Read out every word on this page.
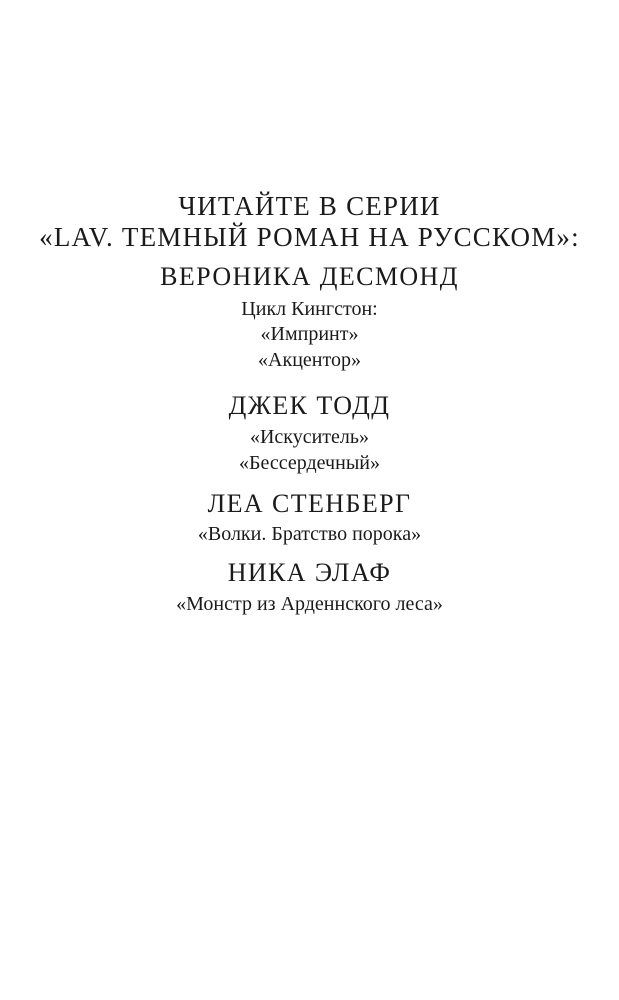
ЧИТАЙТЕ В СЕРИИ
«LAV. ТЕМНЫЙ РОМАН НА РУССКОМ»:
ВЕРОНИКА ДЕСМОНД
Цикл Кингстон:
«Импринт»
«Акцентор»
ДЖЕК ТОДД
«Искуситель»
«Бессердечный»
ЛЕА СТЕНБЕРГ
«Волки. Братство порока»
НИКА ЭЛАФ
«Монстр из Арденнского леса»
